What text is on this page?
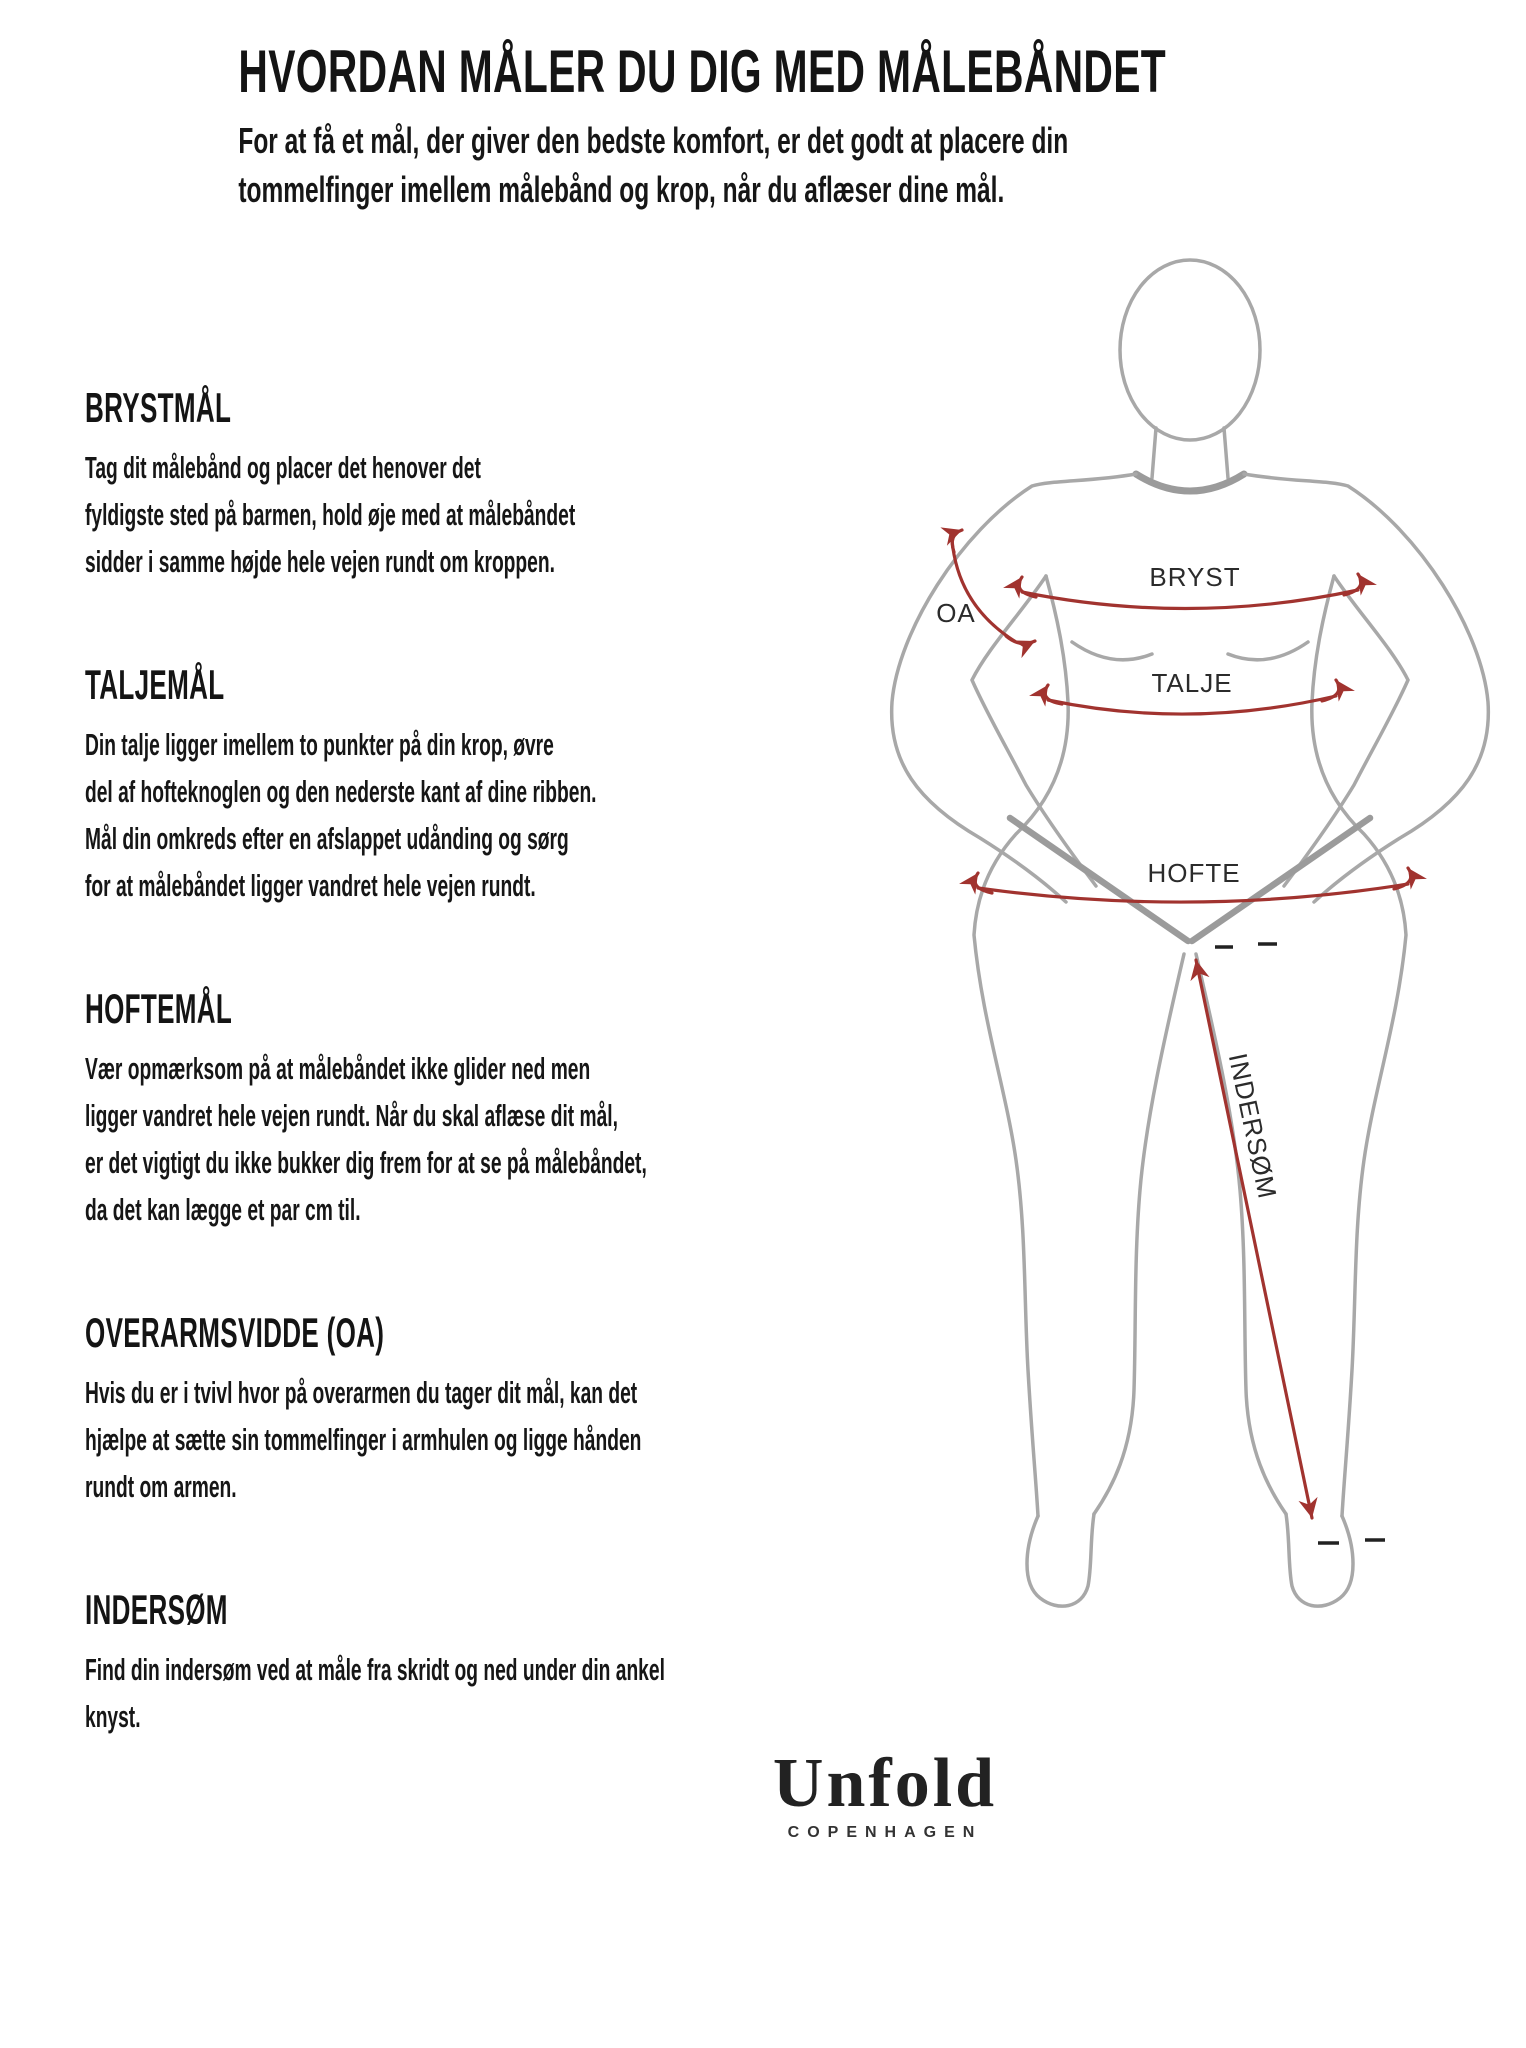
HVORDAN MÅLER DU DIG MED MÅLEBÅNDET
For at få et mål, der giver den bedste komfort, er det godt at placere din
tommelfinger imellem målebånd og krop, når du aflæser dine mål.
BRYSTMÅL
Tag dit målebånd og placer det henover det
fyldigste sted på barmen, hold øje med at målebåndet
sidder i samme højde hele vejen rundt om kroppen.
TALJEMÅL
Din talje ligger imellem to punkter på din krop, øvre
del af hofteknoglen og den nederste kant af dine ribben.
Mål din omkreds efter en afslappet udånding og sørg
for at målebåndet ligger vandret hele vejen rundt.
HOFTEMÅL
Vær opmærksom på at målebåndet ikke glider ned men
ligger vandret hele vejen rundt. Når du skal aflæse dit mål,
er det vigtigt du ikke bukker dig frem for at se på målebåndet,
da det kan lægge et par cm til.
OVERARMSVIDDE (OA)
Hvis du er i tvivl hvor på overarmen du tager dit mål, kan det
hjælpe at sætte sin tommelfinger i armhulen og ligge hånden
rundt om armen.
INDERSØM
Find din indersøm ved at måle fra skridt og ned under din ankel
knyst.
BRYST
TALJE
HOFTE
OA
INDERSØM
Unfold
COPENHAGEN
